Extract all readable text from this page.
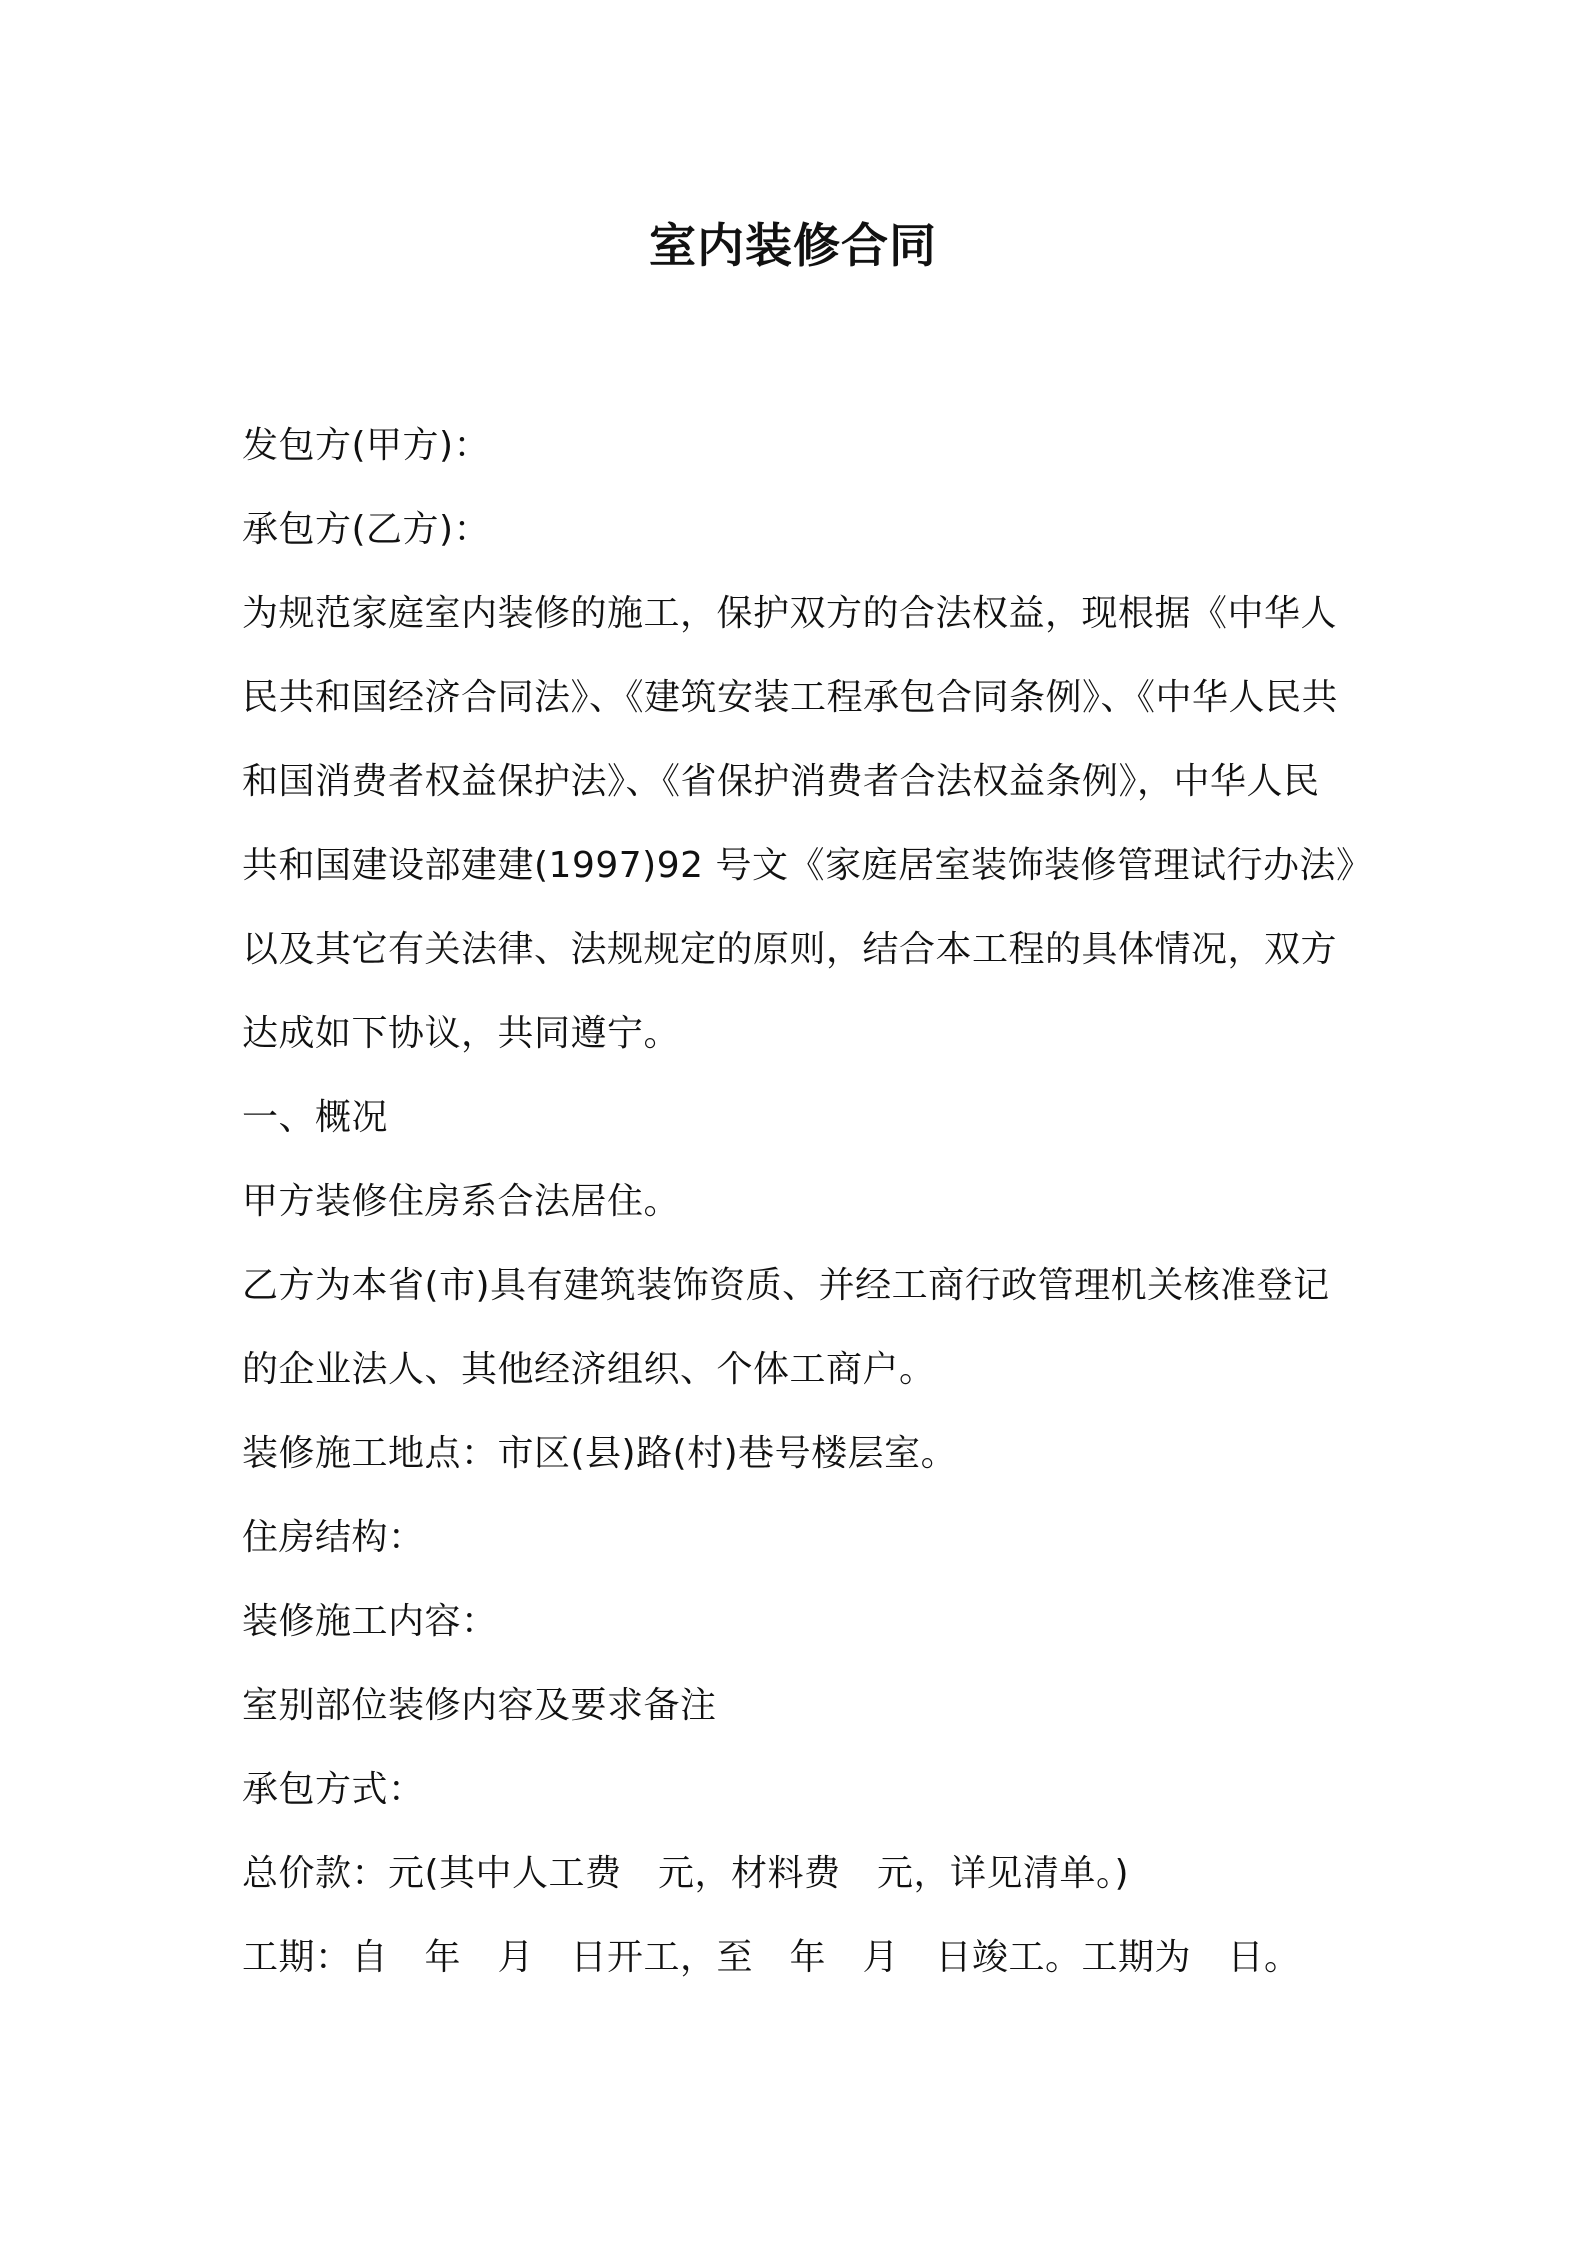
室内装修合同
发包方(甲方)：
承包方(乙方)：
为规范家庭室内装修的施工，保护双方的合法权益，现根据《中华人
民共和国经济合同法》、《建筑安装工程承包合同条例》、《中华人民共
和国消费者权益保护法》、《省保护消费者合法权益条例》，中华人民
共和国建设部建建(1997)92 号文《家庭居室装饰装修管理试行办法》
以及其它有关法律、法规规定的原则，结合本工程的具体情况，双方
达成如下协议，共同遵宁。
一、概况
甲方装修住房系合法居住。
乙方为本省(市)具有建筑装饰资质、并经工商行政管理机关核准登记
的企业法人、其他经济组织、个体工商户。
装修施工地点：市区(县)路(村)巷号楼层室。
住房结构：
装修施工内容：
室别部位装修内容及要求备注
承包方式：
总价款：元(其中人工费　元，材料费　元，详见清单。)
工期：自　年　月　日开工，至　年　月　日竣工。工期为　日。
